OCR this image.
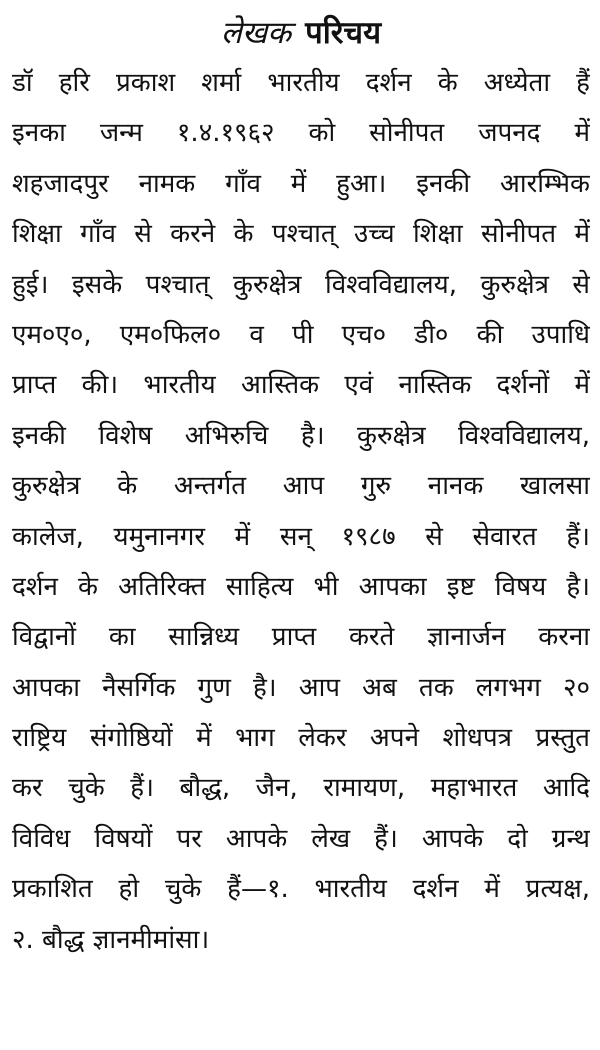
लेखक परिचय
डॉ हरि प्रकाश शर्मा भारतीय दर्शन के अध्येता हैं
इनका जन्म १.४.१९६२ को सोनीपत जपनद में
शहजादपुर नामक गाँव में हुआ। इनकी आरम्भिक
शिक्षा गाँव से करने के पश्चात् उच्च शिक्षा सोनीपत में
हुई। इसके पश्चात् कुरुक्षेत्र विश्वविद्यालय, कुरुक्षेत्र से
एम०ए०, एम०फिल० व पी एच० डी० की उपाधि
प्राप्त की। भारतीय आस्तिक एवं नास्तिक दर्शनों में
इनकी विशेष अभिरुचि है। कुरुक्षेत्र विश्वविद्यालय,
कुरुक्षेत्र के अन्तर्गत आप गुरु नानक खालसा
कालेज, यमुनानगर में सन् १९८७ से सेवारत हैं।
दर्शन के अतिरिक्त साहित्य भी आपका इष्ट विषय है।
विद्वानों का सान्निध्य प्राप्त करते ज्ञानार्जन करना
आपका नैसर्गिक गुण है। आप अब तक लगभग २०
राष्ट्रिय संगोष्ठियों में भाग लेकर अपने शोधपत्र प्रस्तुत
कर चुके हैं। बौद्ध, जैन, रामायण, महाभारत आदि
विविध विषयों पर आपके लेख हैं। आपके दो ग्रन्थ
प्रकाशित हो चुके हैं—१. भारतीय दर्शन में प्रत्यक्ष,
२. बौद्ध ज्ञानमीमांसा।
